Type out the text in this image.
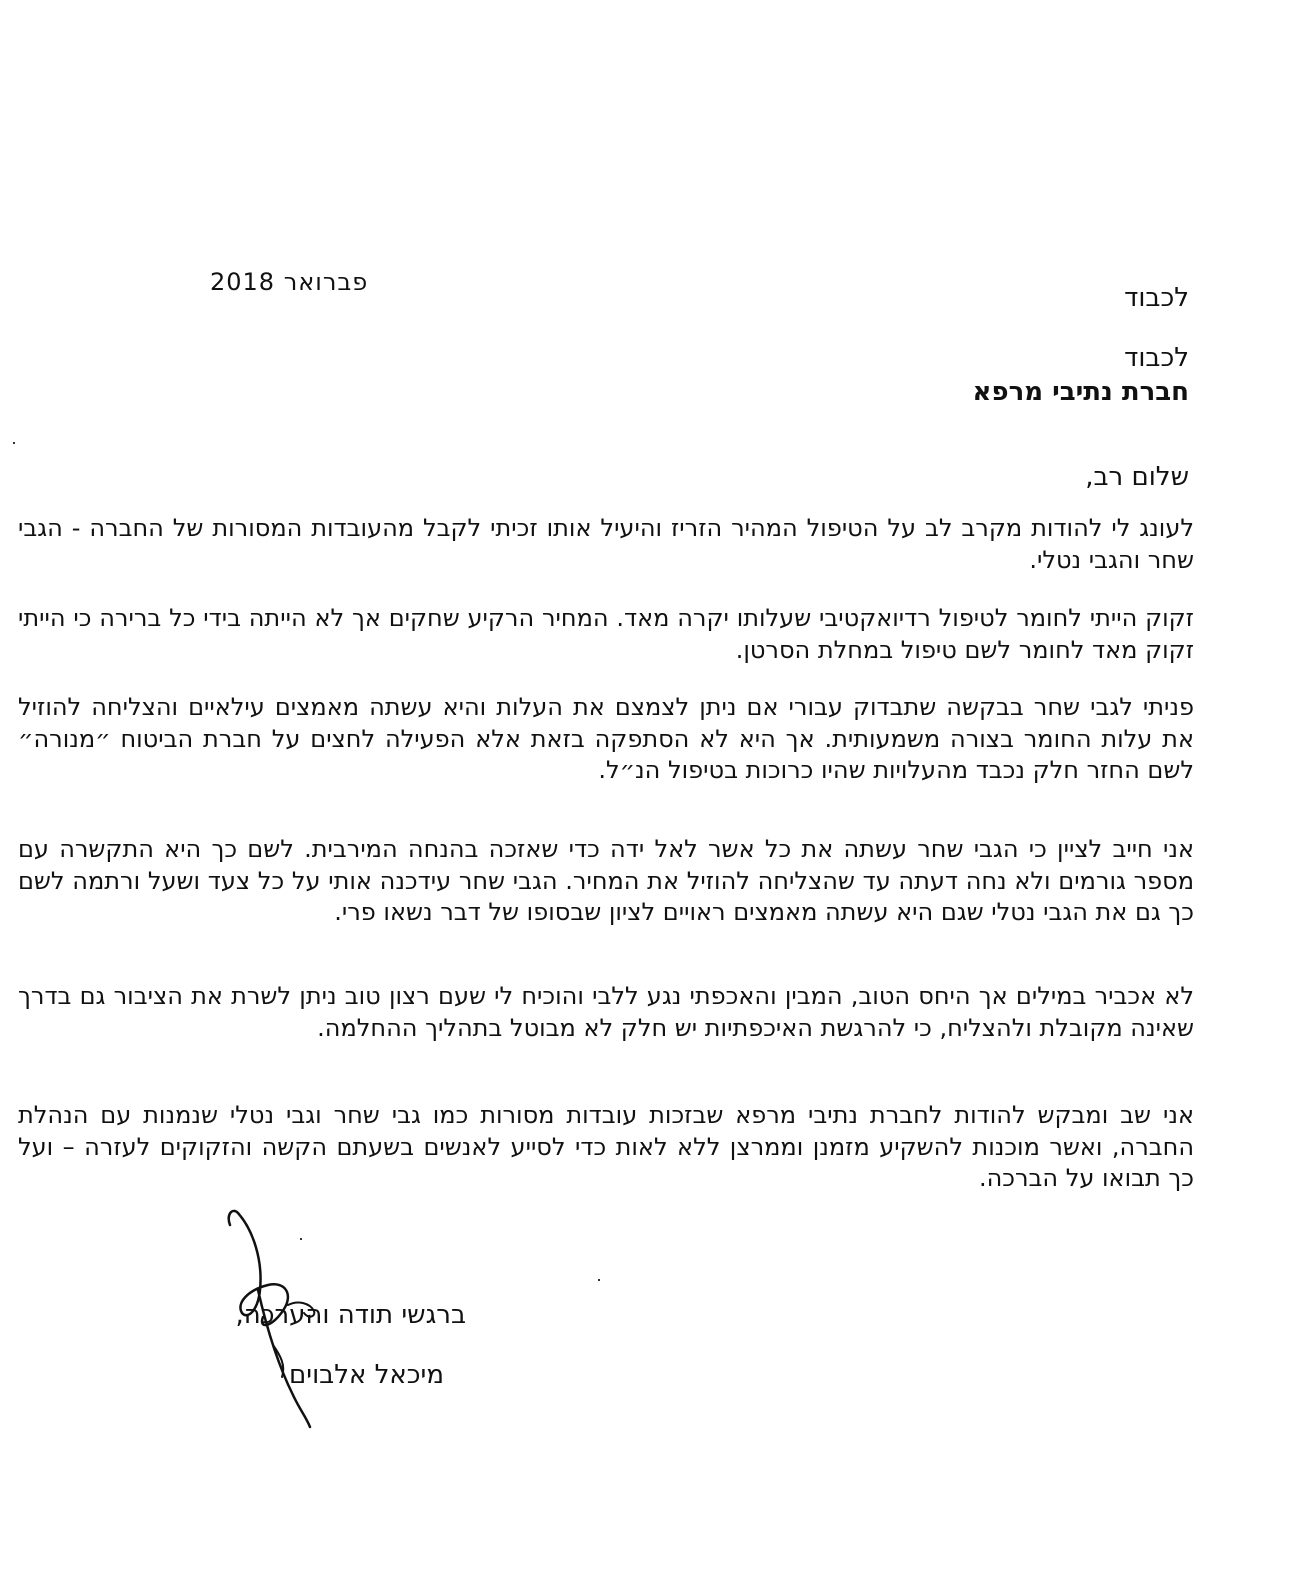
פברואר 2018
לכבוד
לכבוד
חברת נתיבי מרפא
שלום רב,
לעונג לי להודות מקרב לב על הטיפול המהיר הזריז והיעיל אותו זכיתי לקבל מהעובדות המסורות של החברה - הגבי שחר והגבי נטלי.
זקוק הייתי לחומר לטיפול רדיואקטיבי שעלותו יקרה מאד. המחיר הרקיע שחקים אך לא הייתה בידי כל ברירה כי הייתי זקוק מאד לחומר לשם טיפול במחלת הסרטן.
פניתי לגבי שחר בבקשה שתבדוק עבורי אם ניתן לצמצם את העלות והיא עשתה מאמצים עילאיים והצליחה להוזיל את עלות החומר בצורה משמעותית. אך היא לא הסתפקה בזאת אלא הפעילה לחצים על חברת הביטוח ״מנורה״ לשם החזר חלק נכבד מהעלויות שהיו כרוכות בטיפול הנ״ל.
אני חייב לציין כי הגבי שחר עשתה את כל אשר לאל ידה כדי שאזכה בהנחה המירבית. לשם כך היא התקשרה עם מספר גורמים ולא נחה דעתה עד שהצליחה להוזיל את המחיר. הגבי שחר עידכנה אותי על כל צעד ושעל ורתמה לשם כך גם את הגבי נטלי שגם היא עשתה מאמצים ראויים לציון שבסופו של דבר נשאו פרי.
לא אכביר במילים אך היחס הטוב, המבין והאכפתי נגע ללבי והוכיח לי שעם רצון טוב ניתן לשרת את הציבור גם בדרך שאינה מקובלת ולהצליח, כי להרגשת האיכפתיות יש חלק לא מבוטל בתהליך ההחלמה.
אני שב ומבקש להודות לחברת נתיבי מרפא שבזכות עובדות מסורות כמו גבי שחר וגבי נטלי שנמנות עם הנהלת החברה, ואשר מוכנות להשקיע מזמנן וממרצן ללא לאות כדי לסייע לאנשים בשעתם הקשה והזקוקים לעזרה – ועל כך תבואו על הברכה.
ברגשי תודה והערכה,
מיכאל אלבוים
